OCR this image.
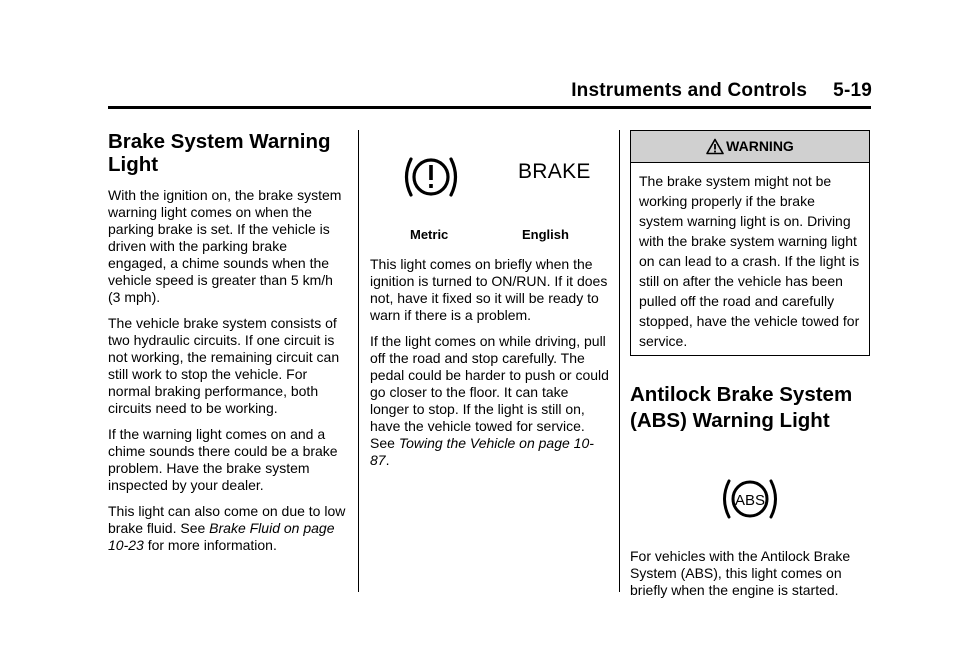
Instruments and Controls 5-19
Brake System Warning Light

With the ignition on, the brake system warning light comes on when the parking brake is set. If the vehicle is driven with the parking brake engaged, a chime sounds when the vehicle speed is greater than 5 km/h (3 mph).

The vehicle brake system consists of two hydraulic circuits. If one circuit is not working, the remaining circuit can still work to stop the vehicle. For normal braking performance, both circuits need to be working.

If the warning light comes on and a chime sounds there could be a brake problem. Have the brake system inspected by your dealer.

This light can also come on due to low brake fluid. See Brake Fluid on page 10-23 for more information.

BRAKE
Metric	English

This light comes on briefly when the ignition is turned to ON/RUN. If it does not, have it fixed so it will be ready to warn if there is a problem.

If the light comes on while driving, pull off the road and stop carefully. The pedal could be harder to push or could go closer to the floor. It can take longer to stop. If the light is still on, have the vehicle towed for service. See Towing the Vehicle on page 10-87.

WARNING

The brake system might not be working properly if the brake system warning light is on. Driving with the brake system warning light on can lead to a crash. If the light is still on after the vehicle has been pulled off the road and carefully stopped, have the vehicle towed for service.

Antilock Brake System (ABS) Warning Light
ABS

For vehicles with the Antilock Brake System (ABS), this light comes on briefly when the engine is started.
